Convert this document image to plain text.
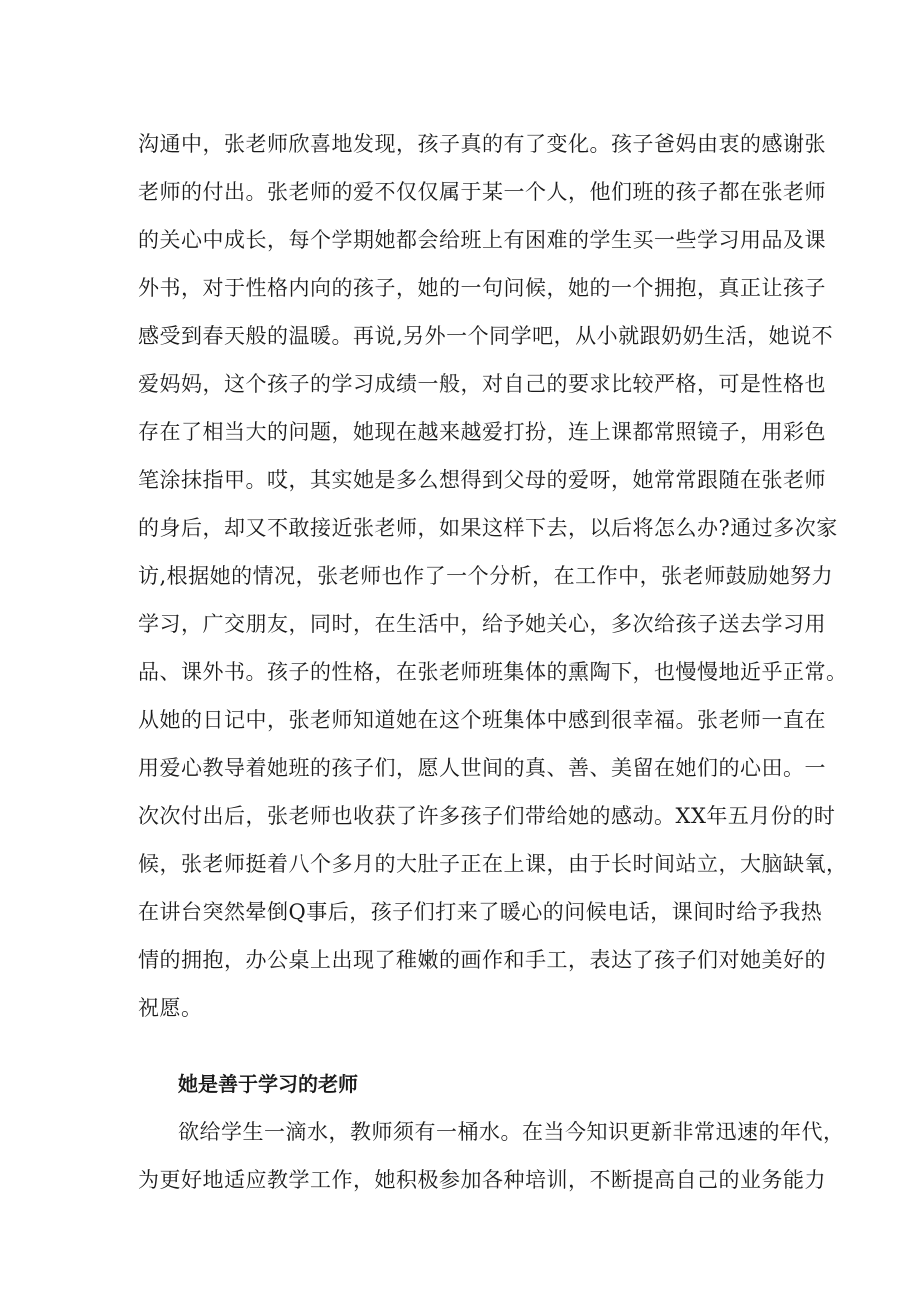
沟通中，张老师欣喜地发现，孩子真的有了变化。孩子爸妈由衷的感谢张
老师的付出。张老师的爱不仅仅属于某一个人，他们班的孩子都在张老师
的关心中成长，每个学期她都会给班上有困难的学生买一些学习用品及课
外书，对于性格内向的孩子，她的一句问候，她的一个拥抱，真正让孩子
感受到春天般的温暖。再说,另外一个同学吧，从小就跟奶奶生活，她说不
爱妈妈，这个孩子的学习成绩一般，对自己的要求比较严格，可是性格也
存在了相当大的问题，她现在越来越爱打扮，连上课都常照镜子，用彩色
笔涂抹指甲。哎，其实她是多么想得到父母的爱呀，她常常跟随在张老师
的身后，却又不敢接近张老师，如果这样下去，以后将怎么办?通过多次家
访,根据她的情况，张老师也作了一个分析，在工作中，张老师鼓励她努力
学习，广交朋友，同时，在生活中，给予她关心，多次给孩子送去学习用
品、课外书。孩子的性格，在张老师班集体的熏陶下，也慢慢地近乎正常。
从她的日记中，张老师知道她在这个班集体中感到很幸福。张老师一直在
用爱心教导着她班的孩子们，愿人世间的真、善、美留在她们的心田。一
次次付出后，张老师也收获了许多孩子们带给她的感动。XX年五月份的时
候，张老师挺着八个多月的大肚子正在上课，由于长时间站立，大脑缺氧，
在讲台突然晕倒Q事后，孩子们打来了暖心的问候电话，课间时给予我热
情的拥抱，办公桌上出现了稚嫩的画作和手工，表达了孩子们对她美好的
祝愿。
她是善于学习的老师
欲给学生一滴水，教师须有一桶水。在当今知识更新非常迅速的年代，
为更好地适应教学工作，她积极参加各种培训，不断提高自己的业务能力
